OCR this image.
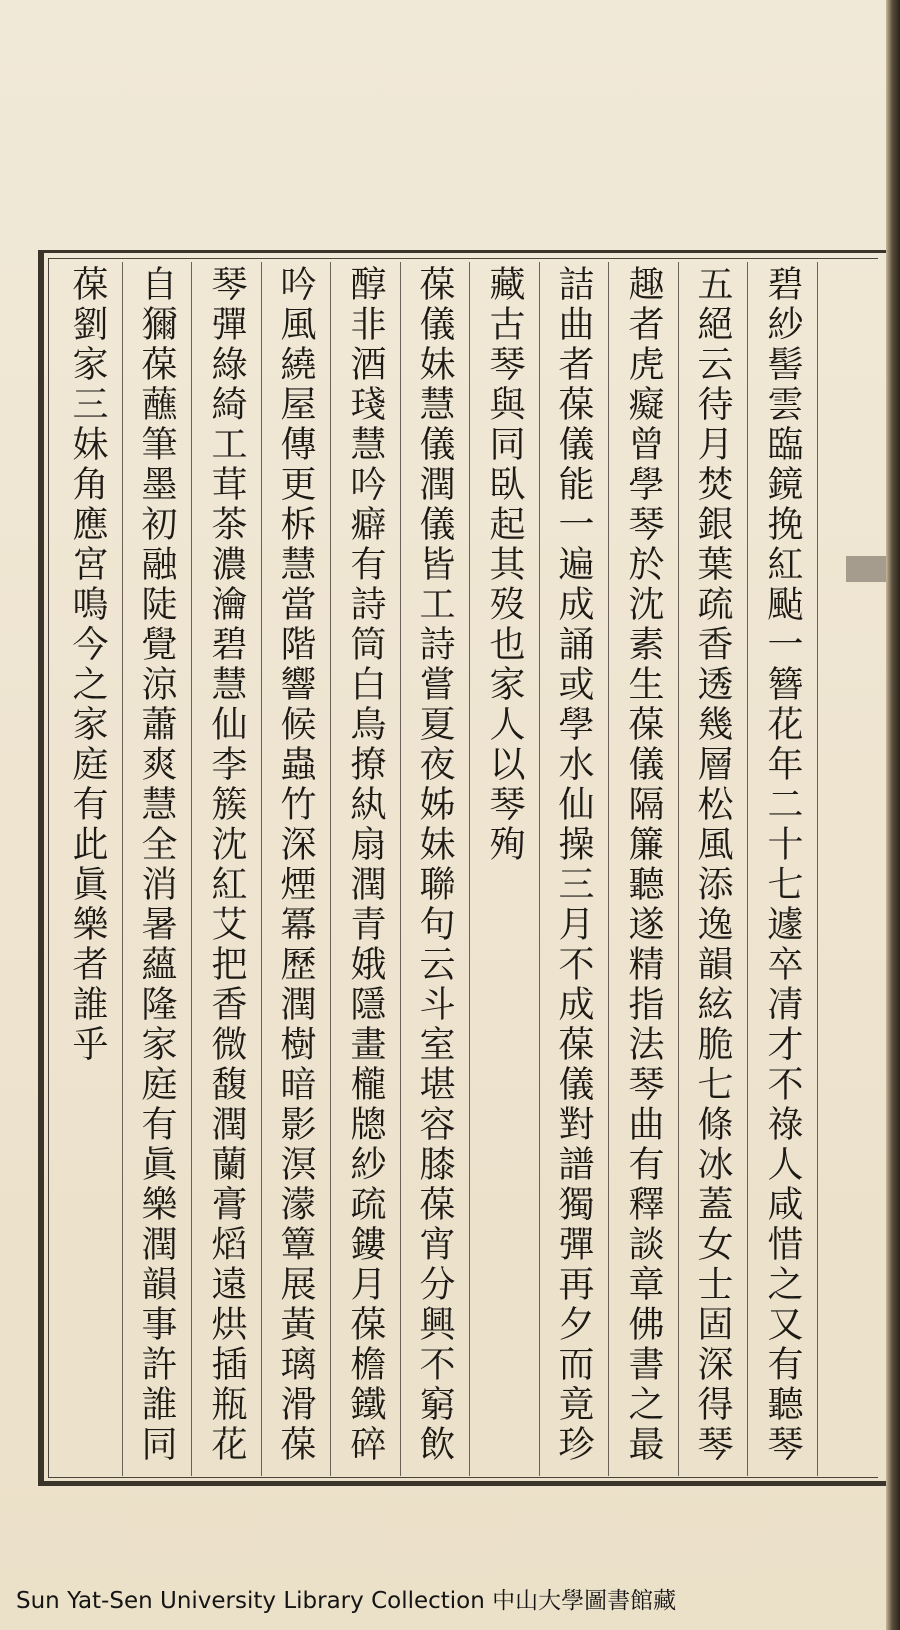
碧紗髻雲臨鏡挽紅颭一簪花年二十七遽卒凊才不祿人咸惜之又有聽琴
五絕云待月焚銀葉疏香透幾層松風添逸韻絃脆七條冰蓋女士固深得琴
趣者虎癡曾學琴於沈素生葆儀隔簾聽遂精指法琴曲有釋談章佛書之最
詰曲者葆儀能一遍成誦或學水仙操三月不成葆儀對譜獨彈再夕而竟珍
藏古琴與同臥起其歿也家人以琴殉
葆儀妹慧儀潤儀皆工詩嘗夏夜姊妹聯句云斗室堪容膝葆宵分興不窮飲
醇非酒琖慧吟癖有詩筒白鳥撩紈扇潤青娥隱畫櫳牕紗疏鏤月葆檐鐵碎
吟風繞屋傳更柝慧當階響候蟲竹深煙冪歷潤樹暗影溟濛簟展黃璃滑葆
琴彈綠綺工茸茶濃瀹碧慧仙李簇沈紅艾把香微馥潤蘭膏熖遠烘插瓶花
自獮葆蘸筆墨初融陡覺涼蕭爽慧全消暑蘊隆家庭有眞樂潤韻事許誰同
葆劉家三妹角應宮鳴今之家庭有此眞樂者誰乎
Sun Yat-Sen University Library Collection 中山大學圖書館藏
